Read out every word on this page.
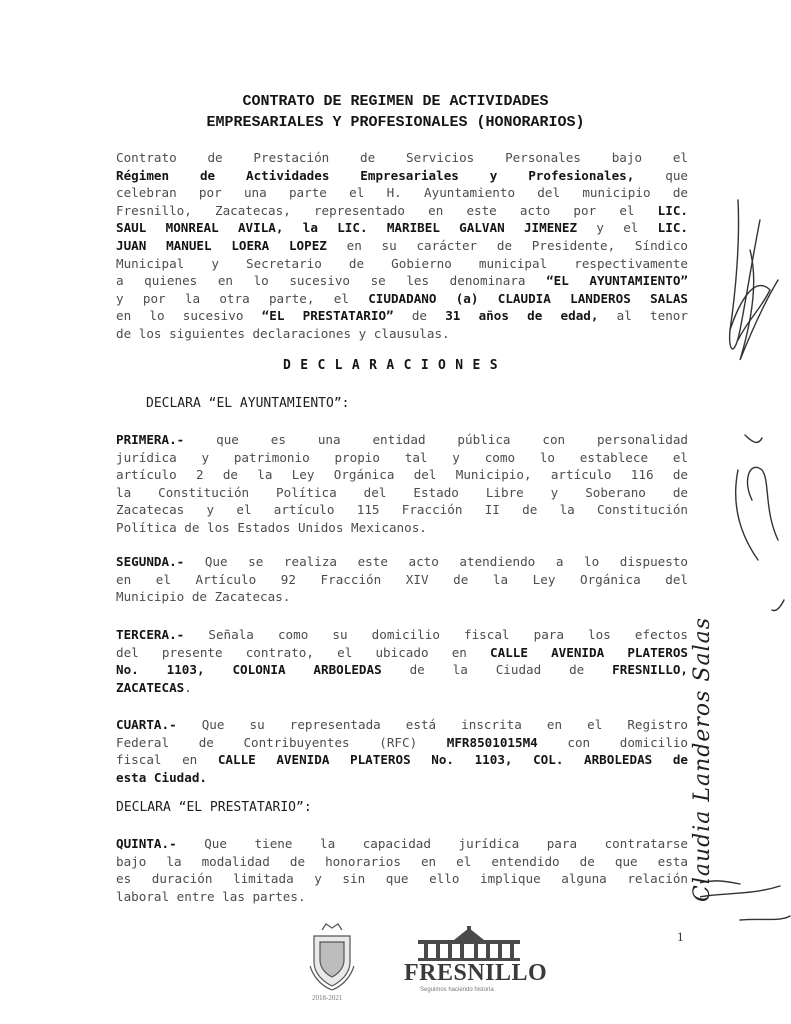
CONTRATO DE REGIMEN DE ACTIVIDADES
EMPRESARIALES Y PROFESIONALES (HONORARIOS)
Contrato de Prestación de Servicios Personales bajo el
Régimen de Actividades Empresariales y Profesionales, que
celebran por una parte el H. Ayuntamiento del municipio de
Fresnillo, Zacatecas, representado en este acto por el LIC.
SAUL MONREAL AVILA, la LIC. MARIBEL GALVAN JIMENEZ y el LIC.
JUAN MANUEL LOERA LOPEZ en su carácter de Presidente, Síndico
Municipal y Secretario de Gobierno municipal respectivamente
a quienes en lo sucesivo se les denominara “EL AYUNTAMIENTO”
y por la otra parte, el CIUDADANO (a) CLAUDIA LANDEROS SALAS
en lo sucesivo “EL PRESTATARIO” de 31 años de edad, al tenor
de los siguientes declaraciones y clausulas.
DECLARACIONES
DECLARA “EL AYUNTAMIENTO”:
PRIMERA.- que es una entidad pública con personalidad
jurídica y patrimonio propio tal y como lo establece el
artículo 2 de la Ley Orgánica del Municipio, artículo 116 de
la Constitución Política del Estado Libre y Soberano de
Zacatecas y el artículo 115 Fracción II de la Constitución
Política de los Estados Unidos Mexicanos.
SEGUNDA.- Que se realiza este acto atendiendo a lo dispuesto
en el Artículo 92 Fracción XIV de la Ley Orgánica del
Municipio de Zacatecas.
TERCERA.- Señala como su domicilio fiscal para los efectos
del presente contrato, el ubicado en CALLE AVENIDA PLATEROS
No. 1103, COLONIA ARBOLEDAS de la Ciudad de FRESNILLO,
ZACATECAS.
CUARTA.- Que su representada está inscrita en el Registro
Federal de Contribuyentes (RFC) MFR8501015M4 con domicilio
fiscal en CALLE AVENIDA PLATEROS No. 1103, COL. ARBOLEDAS de
esta Ciudad.
DECLARA “EL PRESTATARIO”:
QUINTA.- Que tiene la capacidad jurídica para contratarse
bajo la modalidad de honorarios en el entendido de que esta
es duración limitada y sin que ello implique alguna relación
laboral entre las partes.	Claudia Landeros Salas
1
2018-2021
FRESNILLO
Seguimos haciendo historia
